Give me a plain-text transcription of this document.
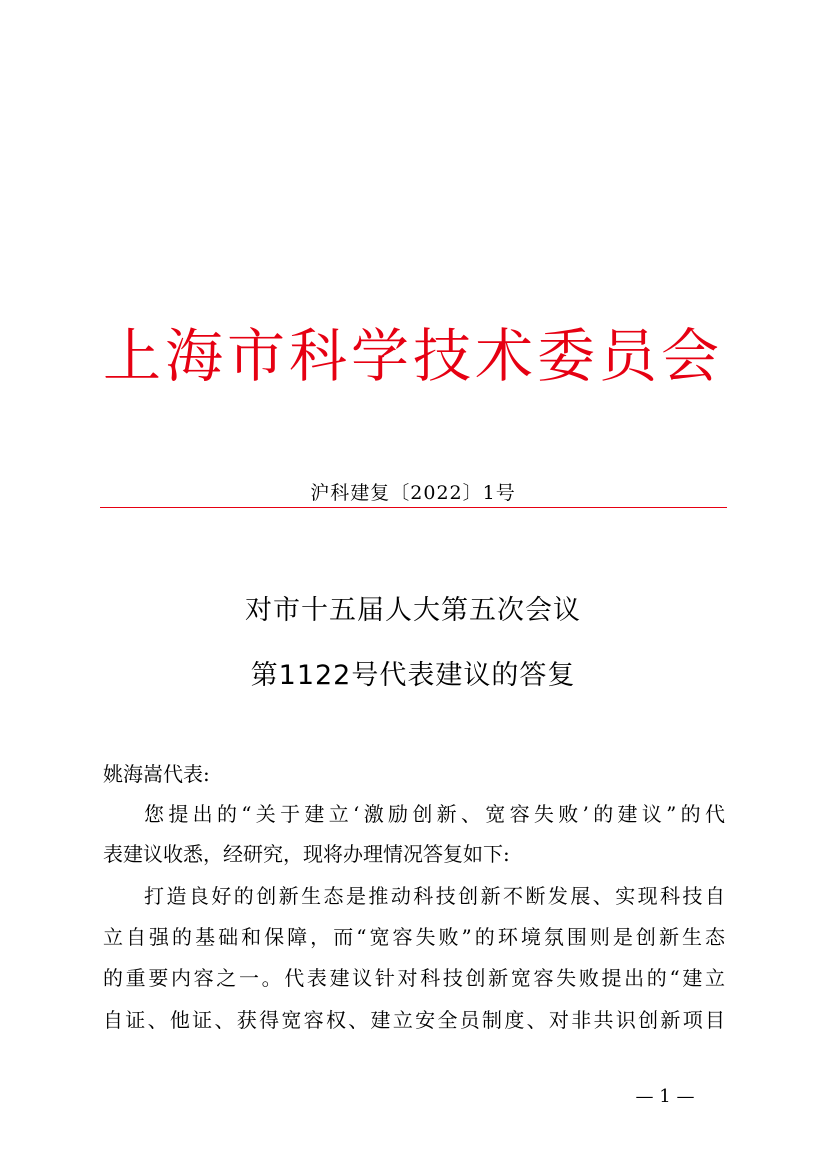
上海市科学技术委员会
沪科建复〔2022〕1号
对市十五届人大第五次会议
第1122号代表建议的答复
姚海嵩代表:
您提出的“关于建立‘激励创新、宽容失败’的建议”的代
表建议收悉，经研究，现将办理情况答复如下:
打造良好的创新生态是推动科技创新不断发展、实现科技自
立自强的基础和保障，而“宽容失败”的环境氛围则是创新生态
的重要内容之一。代表建议针对科技创新宽容失败提出的“建立
自证、他证、获得宽容权、建立安全员制度、对非共识创新项目
— 1 —
